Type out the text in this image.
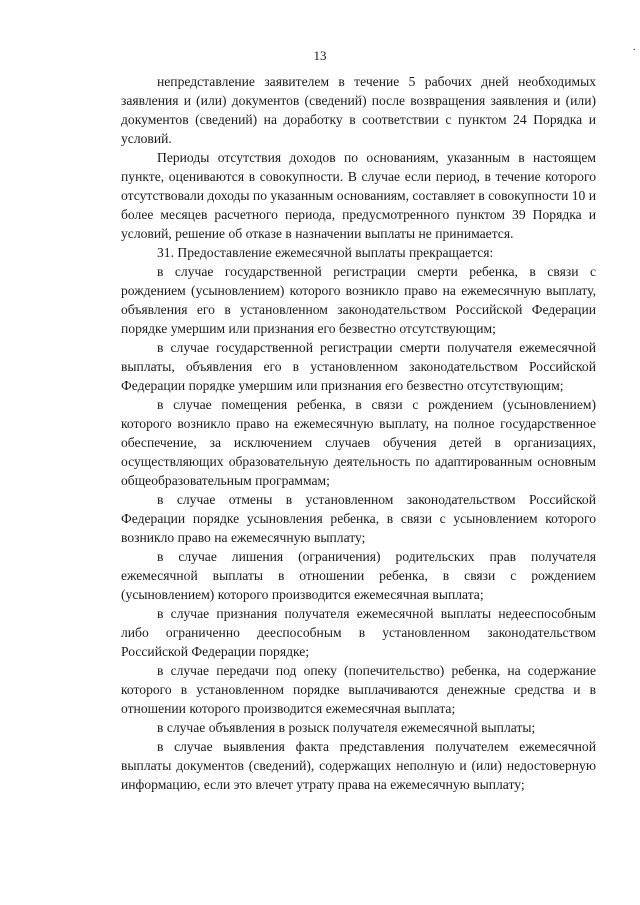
13	·

непредставление заявителем в течение 5 рабочих дней необходимых заявления и (или) документов (сведений) после возвращения заявления и (или) документов (сведений) на доработку в соответствии с пунктом 24 Порядка и условий.

Периоды отсутствия доходов по основаниям, указанным в настоящем пункте, оцениваются в совокупности. В случае если период, в течение которого отсутствовали доходы по указанным основаниям, составляет в совокупности 10 и более месяцев расчетного периода, предусмотренного пунктом 39 Порядка и условий, решение об отказе в назначении выплаты не принимается.

31. Предоставление ежемесячной выплаты прекращается:

в случае государственной регистрации смерти ребенка, в связи с рождением (усыновлением) которого возникло право на ежемесячную выплату, объявления его в установленном законодательством Российской Федерации порядке умершим или признания его безвестно отсутствующим;

в случае государственной регистрации смерти получателя ежемесячной выплаты, объявления его в установленном законодательством Российской Федерации порядке умершим или признания его безвестно отсутствующим;

в случае помещения ребенка, в связи с рождением (усыновлением) которого возникло право на ежемесячную выплату, на полное государственное обеспечение, за исключением случаев обучения детей в организациях, осуществляющих образовательную деятельность по адаптированным основным общеобразовательным программам;

в случае отмены в установленном законодательством Российской Федерации порядке усыновления ребенка, в связи с усыновлением которого возникло право на ежемесячную выплату;

в случае лишения (ограничения) родительских прав получателя ежемесячной выплаты в отношении ребенка, в связи с рождением (усыновлением) которого производится ежемесячная выплата;

в случае признания получателя ежемесячной выплаты недееспособным либо ограниченно дееспособным в установленном законодательством Российской Федерации порядке;

в случае передачи под опеку (попечительство) ребенка, на содержание которого в установленном порядке выплачиваются денежные средства и в отношении которого производится ежемесячная выплата;

в случае объявления в розыск получателя ежемесячной выплаты;

в случае выявления факта представления получателем ежемесячной выплаты документов (сведений), содержащих неполную и (или) недостоверную информацию, если это влечет утрату права на ежемесячную выплату;
